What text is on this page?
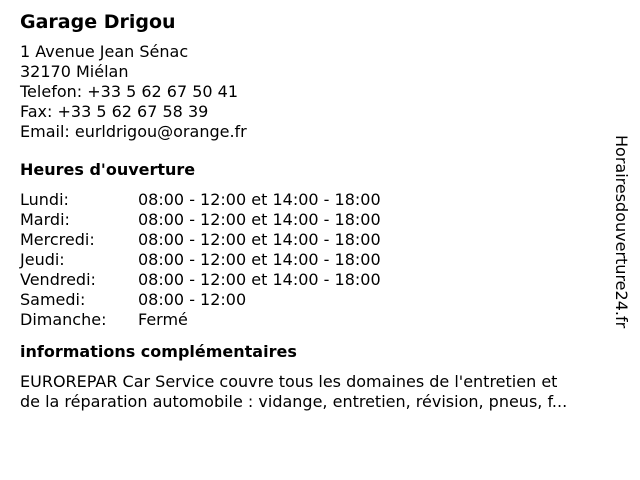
Garage Drigou
1 Avenue Jean Sénac
32170 Miélan
Telefon: +33 5 62 67 50 41
Fax: +33 5 62 67 58 39
Email: eurldrigou@orange.fr
Heures d'ouverture
Lundi:	08:00 - 12:00 et 14:00 - 18:00
Mardi:	08:00 - 12:00 et 14:00 - 18:00
Mercredi:	08:00 - 12:00 et 14:00 - 18:00
Jeudi:	08:00 - 12:00 et 14:00 - 18:00
Vendredi:	08:00 - 12:00 et 14:00 - 18:00
Samedi:	08:00 - 12:00
Dimanche:	Fermé
informations complémentaires
EUROREPAR Car Service couvre tous les domaines de l'entretien et
de la réparation automobile : vidange, entretien, révision, pneus, f...
Horairesdouverture24.fr
